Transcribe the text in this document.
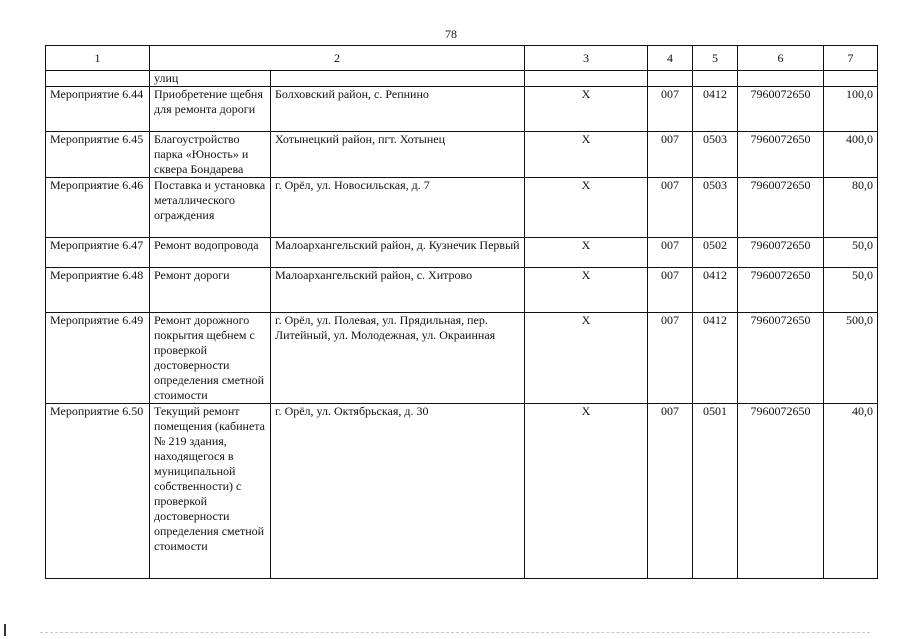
78
1	2		3	4	5	6	7
	улиц						
Мероприятие 6.44	Приобретение щебня для ремонта дороги	Болховский район, с. Репнино	X	007	0412	7960072650	100,0
Мероприятие 6.45	Благоустройство парка «Юность» и сквера Бондарева	Хотынецкий район, пгт. Хотынец	X	007	0503	7960072650	400,0
Мероприятие 6.46	Поставка и установка металлического ограждения	г. Орёл, ул. Новосильская, д. 7	X	007	0503	7960072650	80,0
Мероприятие 6.47	Ремонт водопровода	Малоархангельский район, д. Кузнечик Первый	X	007	0502	7960072650	50,0
Мероприятие 6.48	Ремонт дороги	Малоархангельский район, с. Хитрово	X	007	0412	7960072650	50,0
Мероприятие 6.49	Ремонт дорожного покрытия щебнем с проверкой достоверности определения сметной стоимости	г. Орёл, ул. Полевая, ул. Прядильная, пер. Литейный, ул. Молодежная, ул. Окраинная	X	007	0412	7960072650	500,0
Мероприятие 6.50	Текущий ремонт помещения (кабинета № 219 здания, находящегося в муниципальной собственности) с проверкой достоверности определения сметной стоимости	г. Орёл, ул. Октябрьская, д. 30	X	007	0501	7960072650	40,0
